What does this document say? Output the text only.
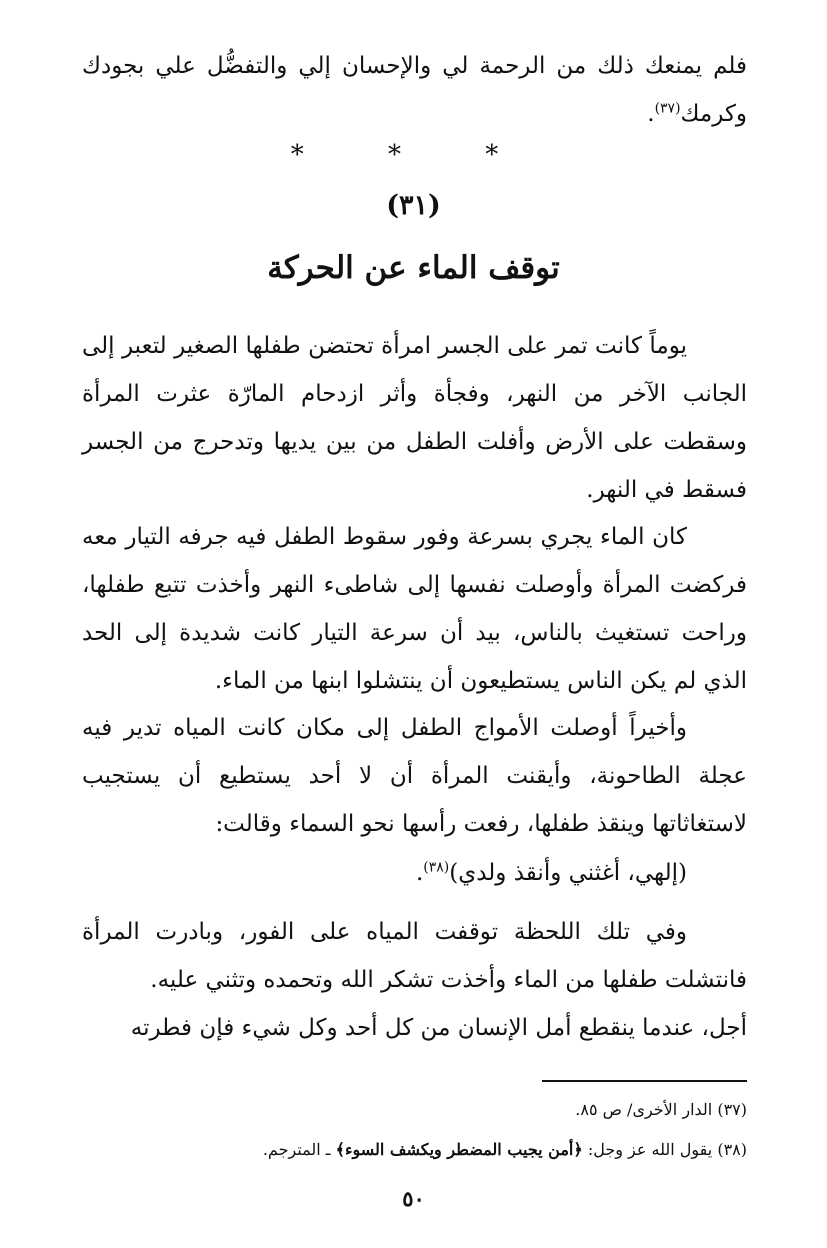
فلم يمنعك ذلك من الرحمة لي والإحسان إلي والتفضُّل علي بجودك وكرمك$^{(٣٧)}$.
* * *
(٣١)
توقف الماء عن الحركة
يوماً كانت تمر على الجسر امرأة تحتضن طفلها الصغير لتعبر إلى الجانب الآخر من النهر، وفجأة وأثر ازدحام المارّة عثرت المرأة وسقطت على الأرض وأفلت الطفل من بين يديها وتدحرج من الجسر فسقط في النهر.
كان الماء يجري بسرعة وفور سقوط الطفل فيه جرفه التيار معه فركضت المرأة وأوصلت نفسها إلى شاطىء النهر وأخذت تتبع طفلها، وراحت تستغيث بالناس، بيد أن سرعة التيار كانت شديدة إلى الحد الذي لم يكن الناس يستطيعون أن ينتشلوا ابنها من الماء.
وأخيراً أوصلت الأمواج الطفل إلى مكان كانت المياه تدير فيه عجلة الطاحونة، وأيقنت المرأة أن لا أحد يستطيع أن يستجيب لاستغاثاتها وينقذ طفلها، رفعت رأسها نحو السماء وقالت:
(إلهي، أغثني وأنقذ ولدي)$^{(٣٨)}$.
وفي تلك اللحظة توقفت المياه على الفور، وبادرت المرأة فانتشلت طفلها من الماء وأخذت تشكر الله وتحمده وتثني عليه.
أجل، عندما ينقطع أمل الإنسان من كل أحد وكل شيء فإن فطرته
(٣٧) الدار الأخرى/ ص ٨٥.
(٣٨) يقول الله عز وجل: ﴿أمن يجيب المضطر ويكشف السوء﴾ ـ المترجم.
٥٠
